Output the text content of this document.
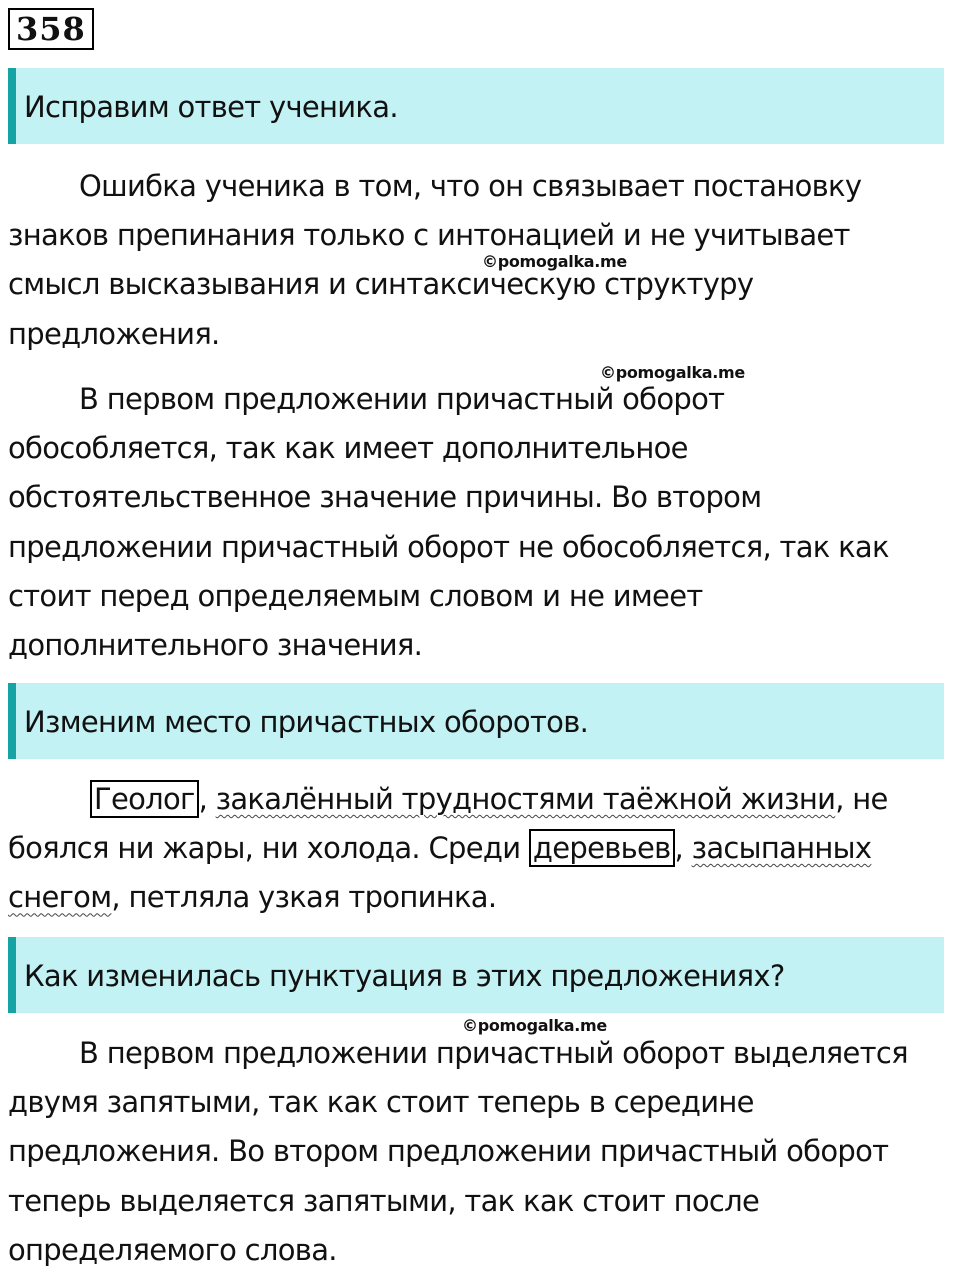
358
Исправим ответ ученика.
Ошибка ученика в том, что он связывает постановку
знаков препинания только с интонацией и не учитывает
смысл высказывания и синтаксическую структуру
предложения.
В первом предложении причастный оборот
обособляется, так как имеет дополнительное
обстоятельственное значение причины. Во втором
предложении причастный оборот не обособляется, так как
стоит перед определяемым словом и не имеет
дополнительного значения.
Изменим место причастных оборотов.
Геолог , закалённый трудностями таёжной жизни, не
боялся ни жары, ни холода. Среди деревьев , засыпанных
снегом, петляла узкая тропинка.
Как изменилась пунктуация в этих предложениях?
В первом предложении причастный оборот выделяется
двумя запятыми, так как стоит теперь в середине
предложения. Во втором предложении причастный оборот
теперь выделяется запятыми, так как стоит после
определяемого слова.
©pomogalka.me
©pomogalka.me
©pomogalka.me
